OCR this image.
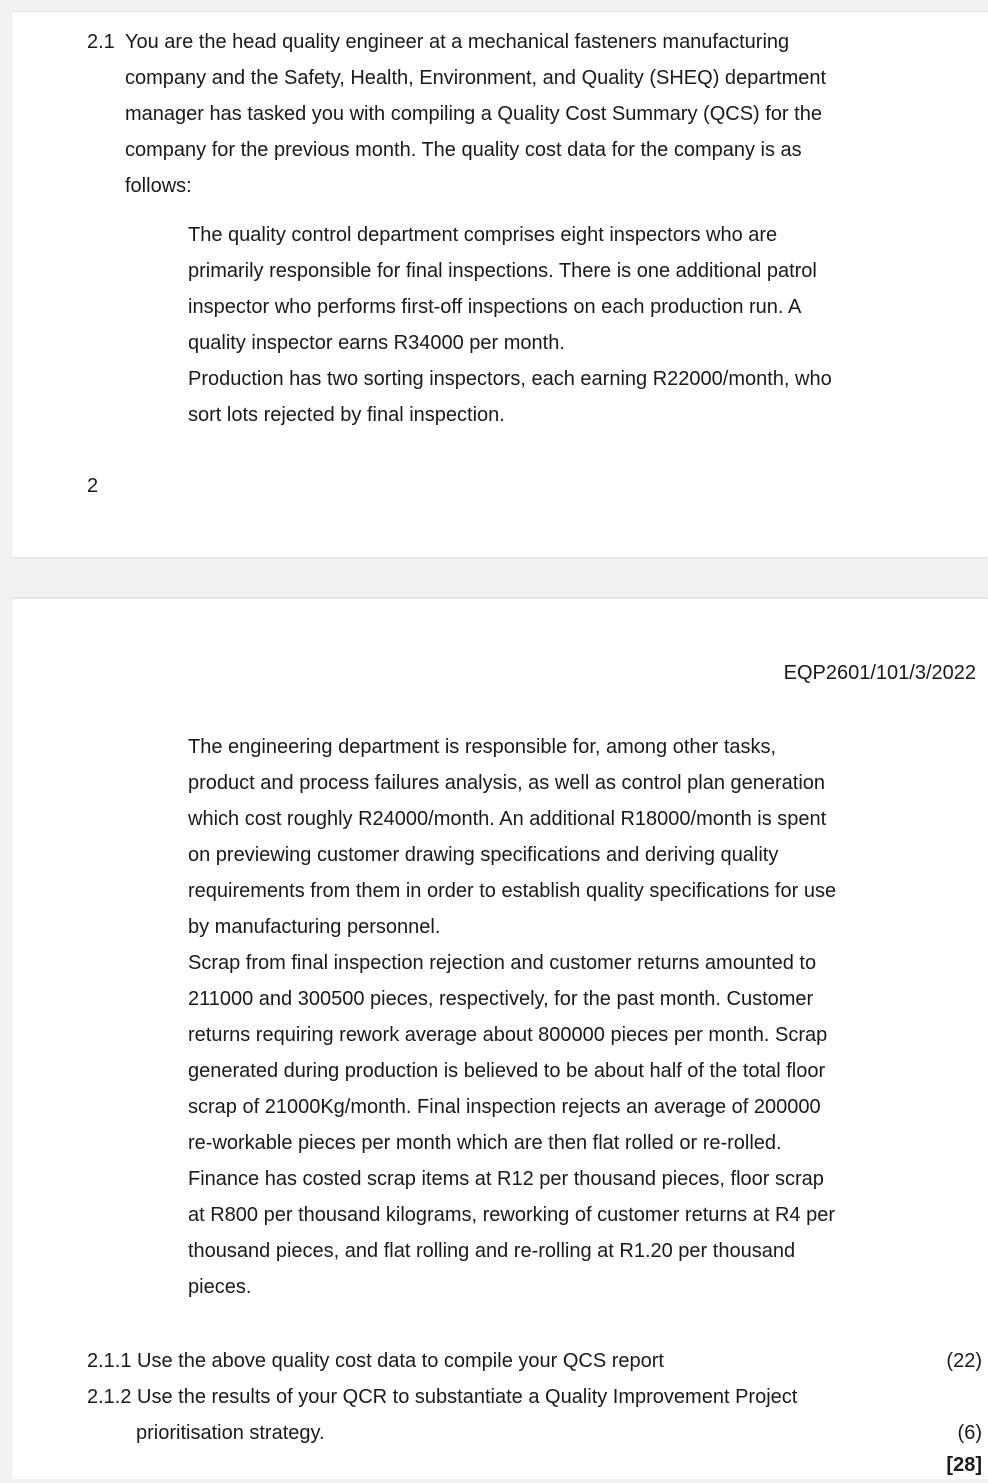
2.1 You are the head quality engineer at a mechanical fasteners manufacturing
company and the Safety, Health, Environment, and Quality (SHEQ) department
manager has tasked you with compiling a Quality Cost Summary (QCS) for the
company for the previous month. The quality cost data for the company is as
follows:
The quality control department comprises eight inspectors who are
primarily responsible for final inspections. There is one additional patrol
inspector who performs first-off inspections on each production run. A
quality inspector earns R34000 per month.
Production has two sorting inspectors, each earning R22000/month, who
sort lots rejected by final inspection.
2
EQP2601/101/3/2022
The engineering department is responsible for, among other tasks,
product and process failures analysis, as well as control plan generation
which cost roughly R24000/month. An additional R18000/month is spent
on previewing customer drawing specifications and deriving quality
requirements from them in order to establish quality specifications for use
by manufacturing personnel.
Scrap from final inspection rejection and customer returns amounted to
211000 and 300500 pieces, respectively, for the past month. Customer
returns requiring rework average about 800000 pieces per month. Scrap
generated during production is believed to be about half of the total floor
scrap of 21000Kg/month. Final inspection rejects an average of 200000
re-workable pieces per month which are then flat rolled or re-rolled.
Finance has costed scrap items at R12 per thousand pieces, floor scrap
at R800 per thousand kilograms, reworking of customer returns at R4 per
thousand pieces, and flat rolling and re-rolling at R1.20 per thousand
pieces.
2.1.1 Use the above quality cost data to compile your QCS report	(22)
2.1.2 Use the results of your QCR to substantiate a Quality Improvement Project
prioritisation strategy.	(6)
[28]
